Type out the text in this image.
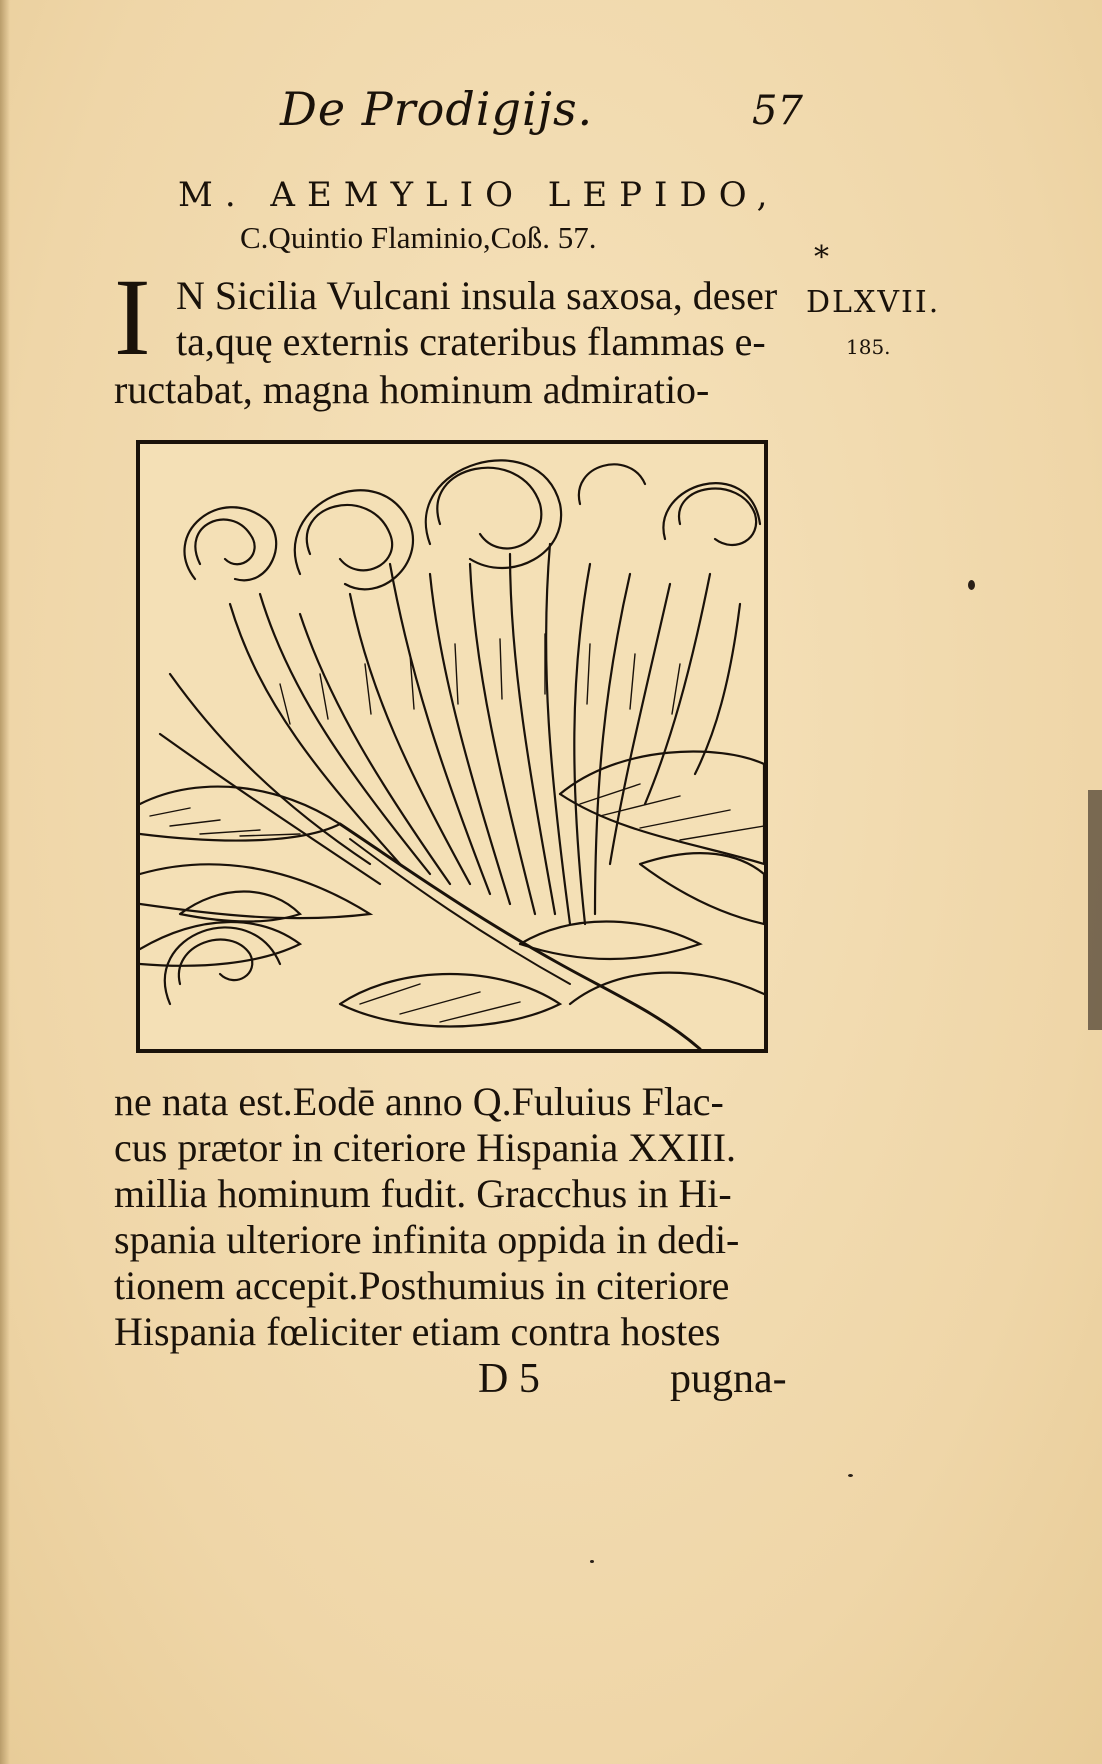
De Prodigijs.	57
M. AEMYLIO LEPIDO,
C.Quintio Flaminio,Coß. 57.
*
DLXVII.
185.
I N Sicilia Vulcani insula saxosa, deser
ta,quę externis crateribus flammas e-
ructabat, magna hominum admiratio-
ne nata est.Eodē anno Q.Fuluius Flac-
cus prætor in citeriore Hispania XXIII.
millia hominum fudit. Gracchus in Hi-
spania ulteriore infinita oppida in dedi-
tionem accepit.Posthumius in citeriore
Hispania fœliciter etiam contra hostes
D 5	pugna-
